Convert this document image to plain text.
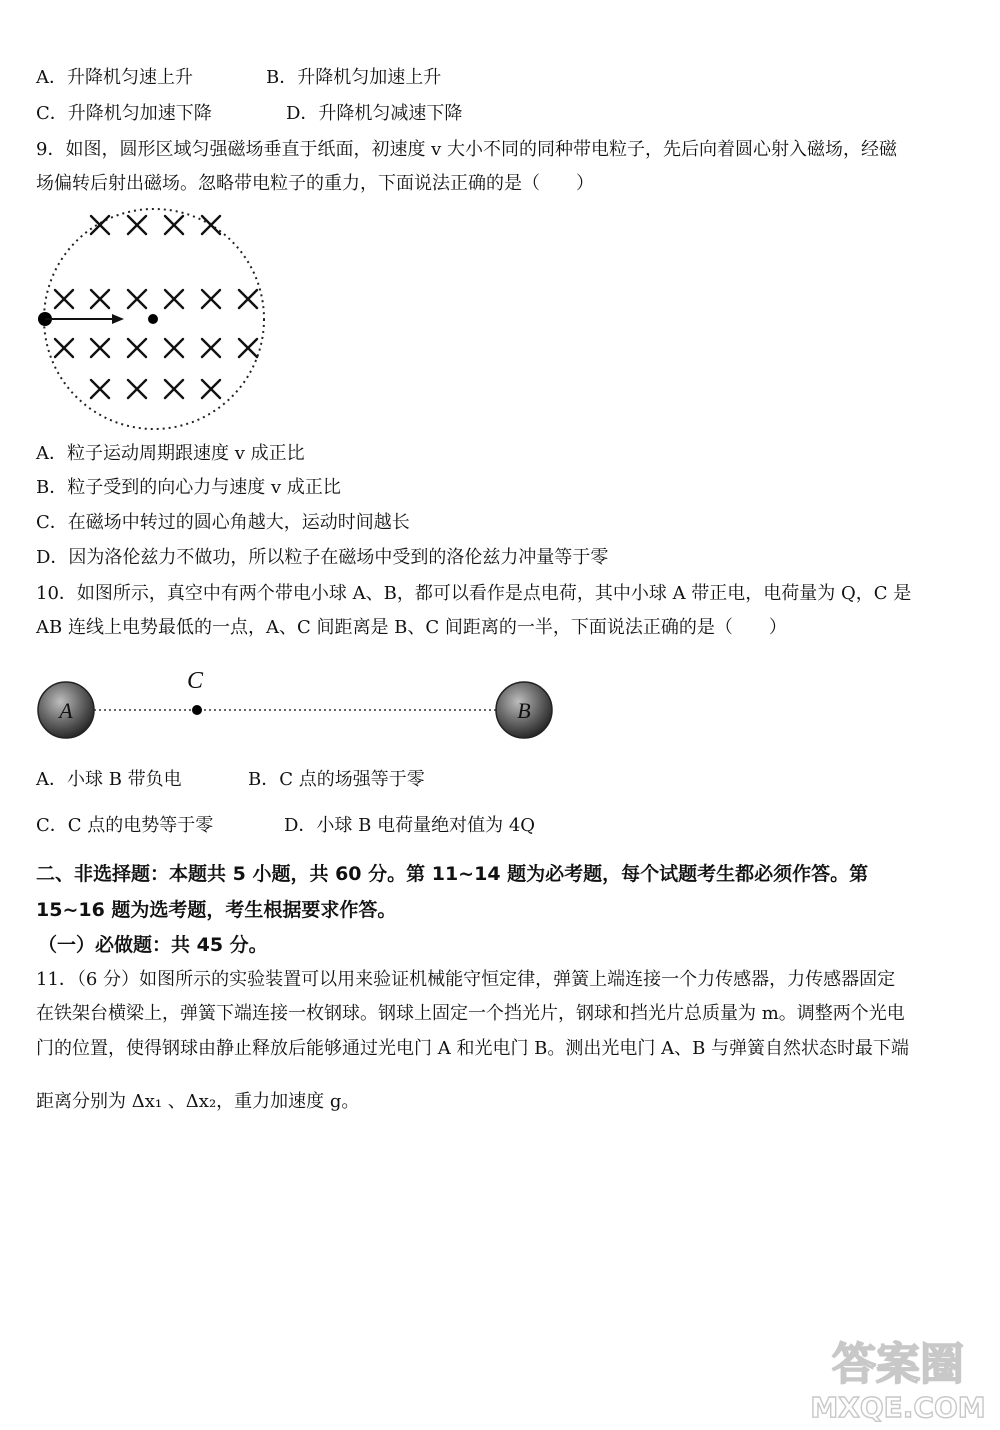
A．升降机匀速上升	B．升降机匀加速上升
C．升降机匀加速下降	D．升降机匀减速下降
9．如图，圆形区域匀强磁场垂直于纸面，初速度 v 大小不同的同种带电粒子，先后向着圆心射入磁场，经磁
场偏转后射出磁场。忽略带电粒子的重力，下面说法正确的是（　　）
A．粒子运动周期跟速度 v 成正比
B．粒子受到的向心力与速度 v 成正比
C．在磁场中转过的圆心角越大，运动时间越长
D．因为洛伦兹力不做功，所以粒子在磁场中受到的洛伦兹力冲量等于零
10．如图所示，真空中有两个带电小球 A、B，都可以看作是点电荷，其中小球 A 带正电，电荷量为 Q，C 是
AB 连线上电势最低的一点，A、C 间距离是 B、C 间距离的一半，下面说法正确的是（　　）
A
C
B
A．小球 B 带负电	B．C 点的场强等于零
C．C 点的电势等于零	D．小球 B 电荷量绝对值为 4Q
二、非选择题：本题共 5 小题，共 60 分。第 11~14 题为必考题，每个试题考生都必须作答。第
15~16 题为选考题，考生根据要求作答。
（一）必做题：共 45 分。
11．（6 分）如图所示的实验装置可以用来验证机械能守恒定律，弹簧上端连接一个力传感器，力传感器固定
在铁架台横梁上，弹簧下端连接一枚钢球。钢球上固定一个挡光片，钢球和挡光片总质量为 m。调整两个光电
门的位置，使得钢球由静止释放后能够通过光电门 A 和光电门 B。测出光电门 A、B 与弹簧自然状态时最下端
距离分别为 Δx₁ 、Δx₂，重力加速度 g。
答案圈
MXQE.COM
